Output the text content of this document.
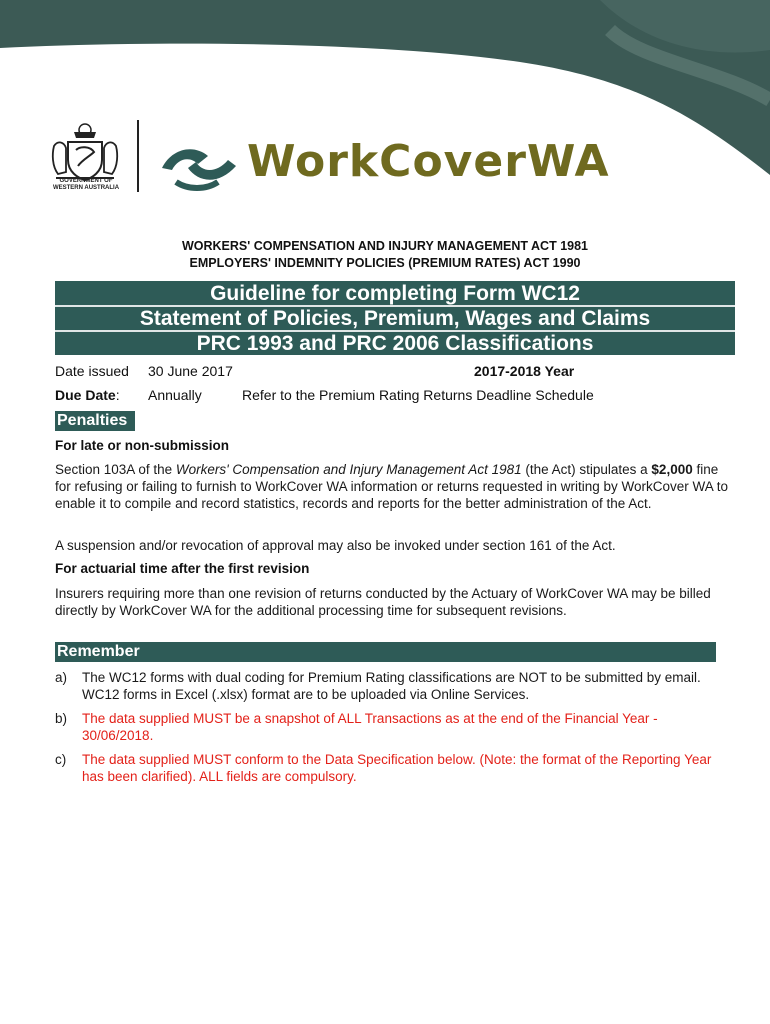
GOVERNMENT OF
WESTERN AUSTRALIA
WorkCoverWA
WORKERS' COMPENSATION AND INJURY MANAGEMENT ACT 1981
EMPLOYERS' INDEMNITY POLICIES (PREMIUM RATES) ACT 1990
Guideline for completing Form WC12
Statement of Policies, Premium, Wages and Claims
PRC 1993 and PRC 2006 Classifications
Date issued 30 June 2017	2017-2018 Year
Due Date: Annually	Refer to the Premium Rating Returns Deadline Schedule
Penalties
For late or non-submission
Section 103A of the Workers' Compensation and Injury Management Act 1981 (the Act) stipulates a $2,000 fine for refusing or failing to furnish to WorkCover WA information or returns requested in writing by WorkCover WA to enable it to compile and record statistics, records and reports for the better administration of the Act.
A suspension and/or revocation of approval may also be invoked under section 161 of the Act.
For actuarial time after the first revision
Insurers requiring more than one revision of returns conducted by the Actuary of WorkCover WA may be billed directly by WorkCover WA for the additional processing time for subsequent revisions.
Remember
a) The WC12 forms with dual coding for Premium Rating classifications are NOT to be submitted by email. WC12 forms in Excel (.xlsx) format are to be uploaded via Online Services.
b) The data supplied MUST be a snapshot of ALL Transactions as at the end of the Financial Year - 30/06/2018.
c) The data supplied MUST conform to the Data Specification below. (Note: the format of the Reporting Year has been clarified). ALL fields are compulsory.
